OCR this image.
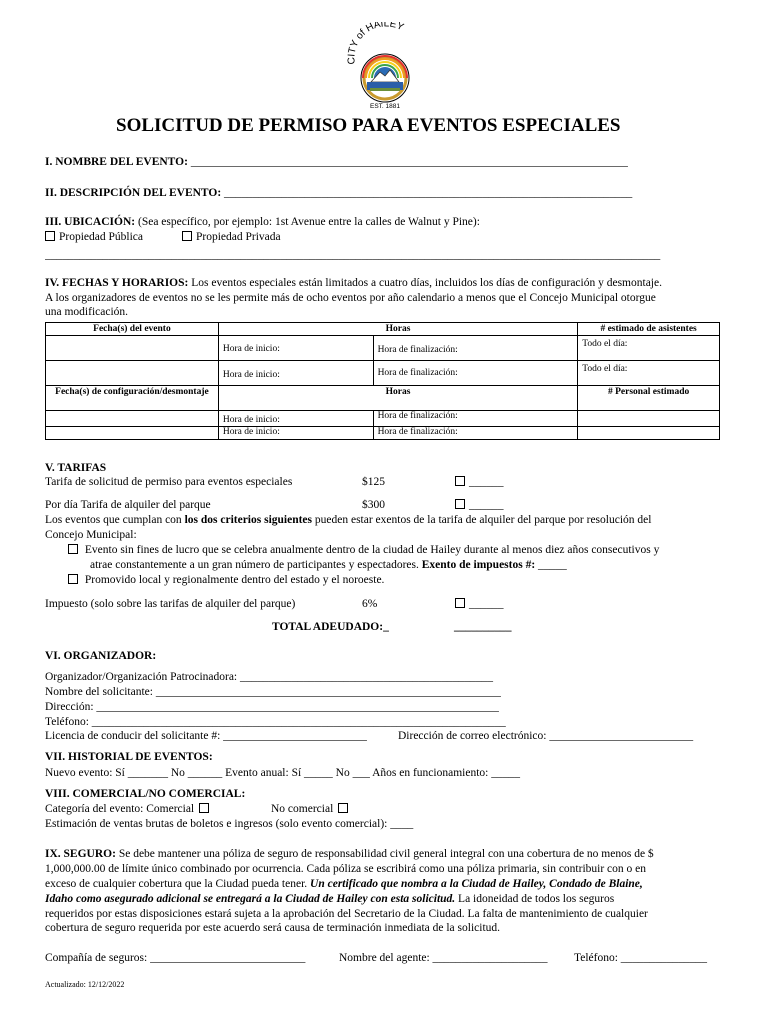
CITY of HAILEY
EST. 1881
SOLICITUD DE PERMISO PARA EVENTOS ESPECIALES
I. NOMBRE DEL EVENTO: ____________________________________________________________________________
II. DESCRIPCIÓN DEL EVENTO: _______________________________________________________________________
III. UBICACIÓN: (Sea específico, por ejemplo: 1st Avenue entre la calles de Walnut y Pine):
Propiedad Pública	Propiedad Privada
___________________________________________________________________________________________________________
IV. FECHAS Y HORARIOS: Los eventos especiales están limitados a cuatro días, incluidos los días de configuración y desmontaje.
A los organizadores de eventos no se les permite más de ocho eventos por año calendario a menos que el Concejo Municipal otorgue
una modificación.
Fecha(s) del evento	Horas		# estimado de asistentes
	Hora de inicio:	Hora de finalización:	Todo el día:
	Hora de inicio:	Hora de finalización:	Todo el día:
Fecha(s) de configuración/desmontaje	Horas		# Personal estimado
	Hora de inicio:	Hora de finalización:	
	Hora de inicio:	Hora de finalización:	
V. TARIFAS
Tarifa de solicitud de permiso para eventos especiales	$125	______
Por día Tarifa de alquiler del parque	$300	______
Los eventos que cumplan con los dos criterios siguientes pueden estar exentos de la tarifa de alquiler del parque por resolución del
Concejo Municipal:
Evento sin fines de lucro que se celebra anualmente dentro de la ciudad de Hailey durante al menos diez años consecutivos y
atrae constantemente a un gran número de participantes y espectadores. Exento de impuestos #: _____
Promovido local y regionalmente dentro del estado y el noroeste.
Impuesto (solo sobre las tarifas de alquiler del parque)	6%	______
TOTAL ADEUDADO:_	__________
VI. ORGANIZADOR:
Organizador/Organización Patrocinadora: ____________________________________________
Nombre del solicitante: ____________________________________________________________
Dirección: ______________________________________________________________________
Teléfono: ________________________________________________________________________
Licencia de conducir del solicitante #: _________________________	Dirección de correo electrónico: _________________________
VII. HISTORIAL DE EVENTOS:
Nuevo evento: Sí _______ No ______ Evento anual: Sí _____ No ___ Años en funcionamiento: _____
VIII. COMERCIAL/NO COMERCIAL:
Categoría del evento: Comercial	No comercial
Estimación de ventas brutas de boletos e ingresos (solo evento comercial): ____
IX. SEGURO: Se debe mantener una póliza de seguro de responsabilidad civil general integral con una cobertura de no menos de $
1,000,000.00 de límite único combinado por ocurrencia. Cada póliza se escribirá como una póliza primaria, sin contribuir con o en
exceso de cualquier cobertura que la Ciudad pueda tener. Un certificado que nombra a la Ciudad de Hailey, Condado de Blaine,
Idaho como asegurado adicional se entregará a la Ciudad de Hailey con esta solicitud. La idoneidad de todos los seguros
requeridos por estas disposiciones estará sujeta a la aprobación del Secretario de la Ciudad. La falta de mantenimiento de cualquier
cobertura de seguro requerida por este acuerdo será causa de terminación inmediata de la solicitud.
Compañía de seguros: ___________________________	Nombre del agente: ____________________ Teléfono: _______________
Actualizado: 12/12/2022
